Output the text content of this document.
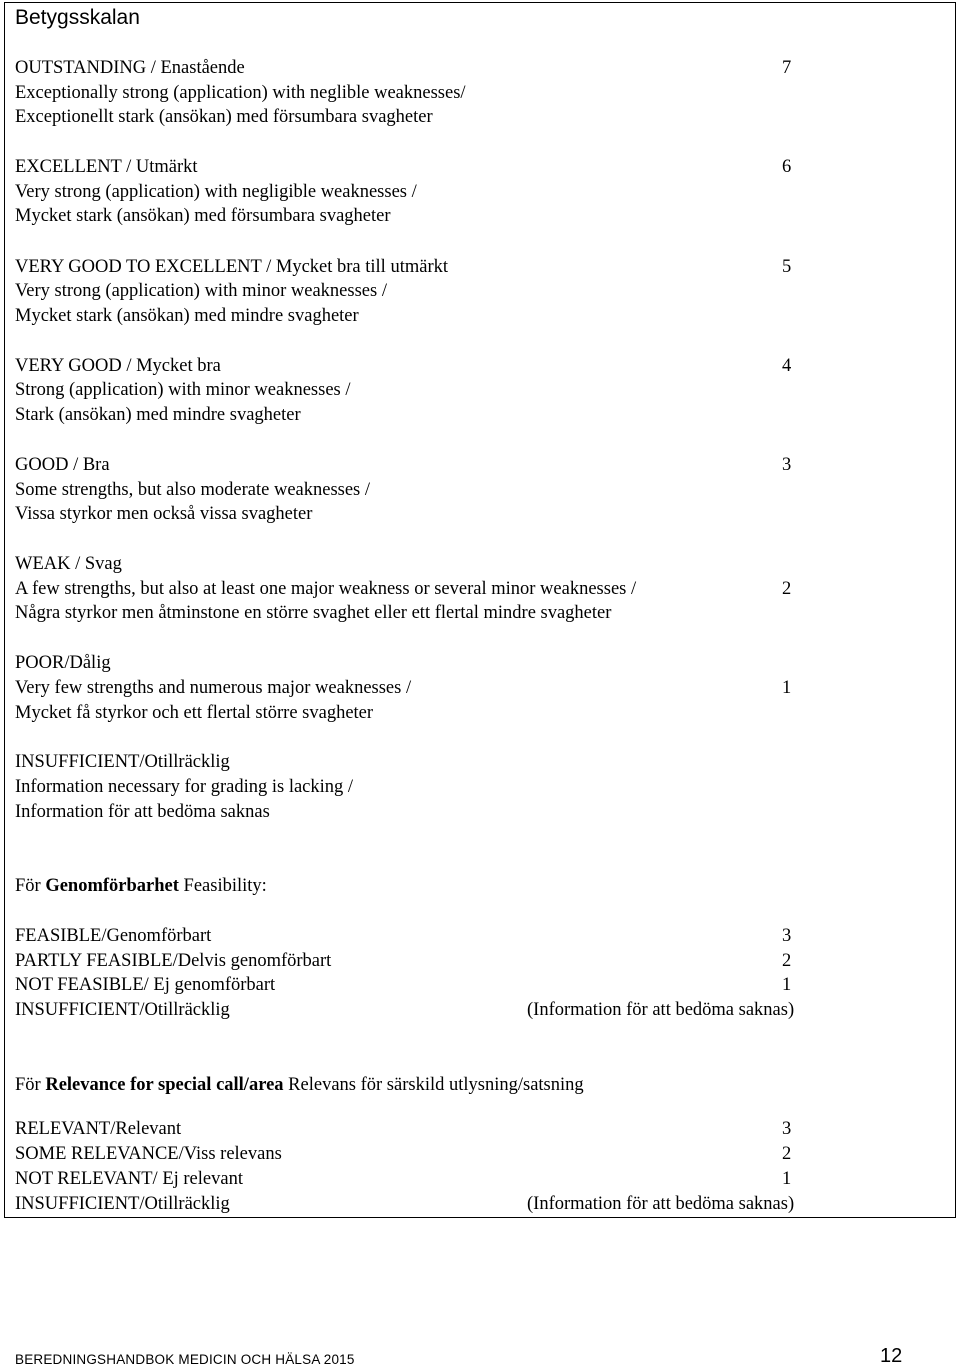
Betygsskalan
OUTSTANDING / Enastående	7
Exceptionally strong (application) with neglible weaknesses/
Exceptionellt stark (ansökan) med försumbara svagheter
EXCELLENT / Utmärkt	6
Very strong (application) with negligible weaknesses /
Mycket stark (ansökan) med försumbara svagheter
VERY GOOD TO EXCELLENT / Mycket bra till utmärkt	5
Very strong (application) with minor weaknesses /
Mycket stark (ansökan) med mindre svagheter
VERY GOOD / Mycket bra	4
Strong (application) with minor weaknesses /
Stark (ansökan) med mindre svagheter
GOOD / Bra	3
Some strengths, but also moderate weaknesses /
Vissa styrkor men också vissa svagheter
WEAK / Svag
A few strengths, but also at least one major weakness or several minor weaknesses /	2
Några styrkor men åtminstone en större svaghet eller ett flertal mindre svagheter
POOR/Dålig
Very few strengths and numerous major weaknesses /	1
Mycket få styrkor och ett flertal större svagheter
INSUFFICIENT/Otillräcklig
Information necessary for grading is lacking /
Information för att bedöma saknas
För Genomförbarhet Feasibility:
FEASIBLE/Genomförbart	3
PARTLY FEASIBLE/Delvis genomförbart	2
NOT FEASIBLE/ Ej genomförbart	1
INSUFFICIENT/Otillräcklig	(Information för att bedöma saknas)
För Relevance for special call/area Relevans för särskild utlysning/satsning
RELEVANT/Relevant	3
SOME RELEVANCE/Viss relevans	2
NOT RELEVANT/ Ej relevant	1
INSUFFICIENT/Otillräcklig	(Information för att bedöma saknas)
BEREDNINGSHANDBOK MEDICIN OCH HÄLSA 2015	12
